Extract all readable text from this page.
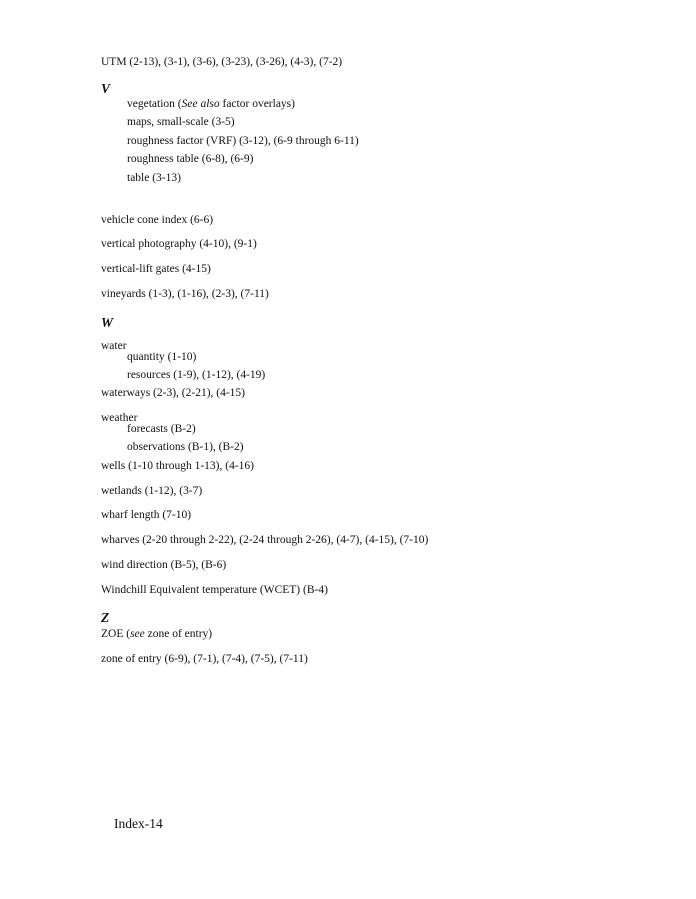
UTM (2-13), (3-1), (3-6), (3-23), (3-26), (4-3), (7-2)
V
vegetation (See also factor overlays)
maps, small-scale (3-5)
roughness factor (VRF) (3-12), (6-9 through 6-11)
roughness table (6-8), (6-9)
table (3-13)
vehicle cone index (6-6)
vertical photography (4-10), (9-1)
vertical-lift gates (4-15)
vineyards (1-3), (1-16), (2-3), (7-11)
W
water
quantity (1-10)
resources (1-9), (1-12), (4-19)
waterways (2-3), (2-21), (4-15)
weather
forecasts (B-2)
observations (B-1), (B-2)
wells (1-10 through 1-13), (4-16)
wetlands (1-12), (3-7)
wharf length (7-10)
wharves (2-20 through 2-22), (2-24 through 2-26), (4-7), (4-15), (7-10)
wind direction (B-5), (B-6)
Windchill Equivalent temperature (WCET) (B-4)
Z
ZOE (see zone of entry)
zone of entry (6-9), (7-1), (7-4), (7-5), (7-11)
Index-14
